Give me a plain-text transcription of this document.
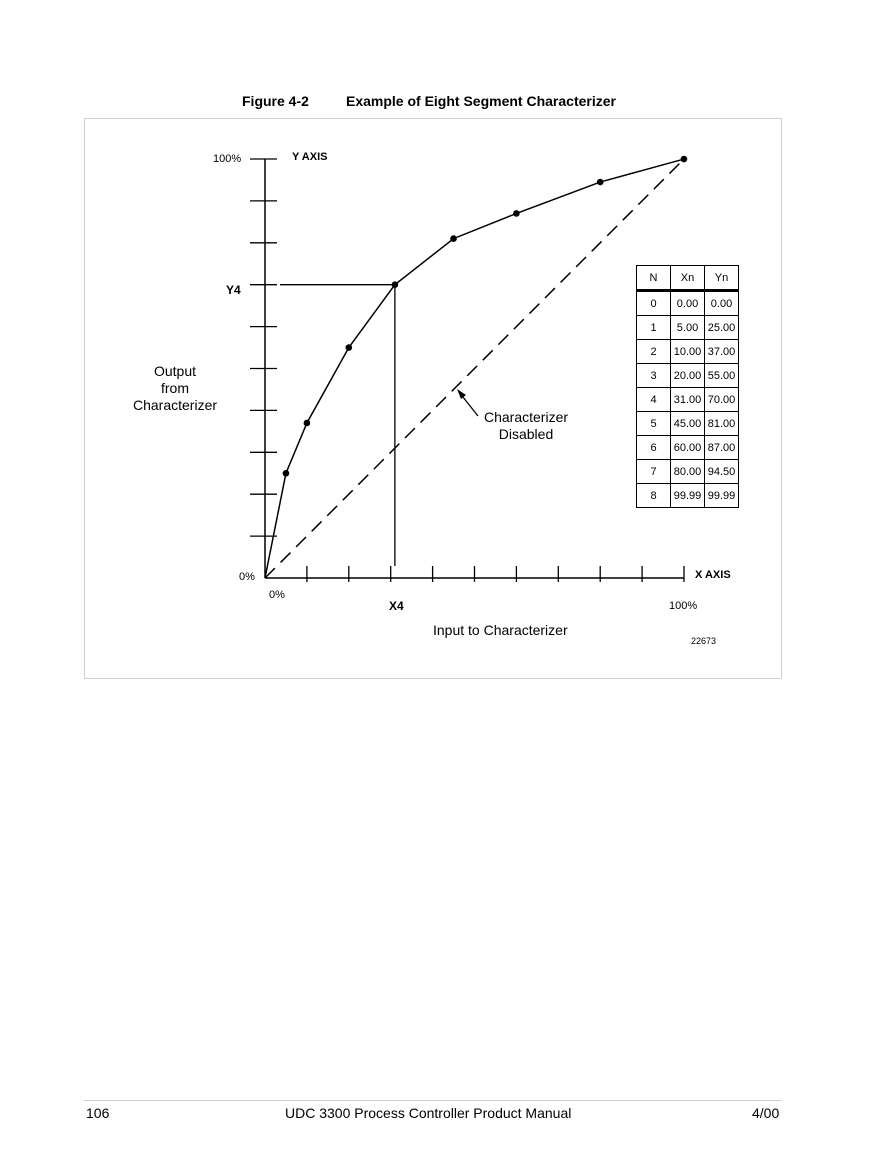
Figure 4-2	Example of Eight Segment Characterizer
100%	Y AXIS
Y4
0%
0%
X4	100%
X AXIS
Output
from
Characterizer
Input to Characterizer
Characterizer
Disabled
22673
N	Xn	Yn
0	0.00	0.00
1	5.00	25.00
2	10.00	37.00
3	20.00	55.00
4	31.00	70.00
5	45.00	81.00
6	60.00	87.00
7	80.00	94.50
8	99.99	99.99
106	UDC 3300 Process Controller Product Manual	4/00
